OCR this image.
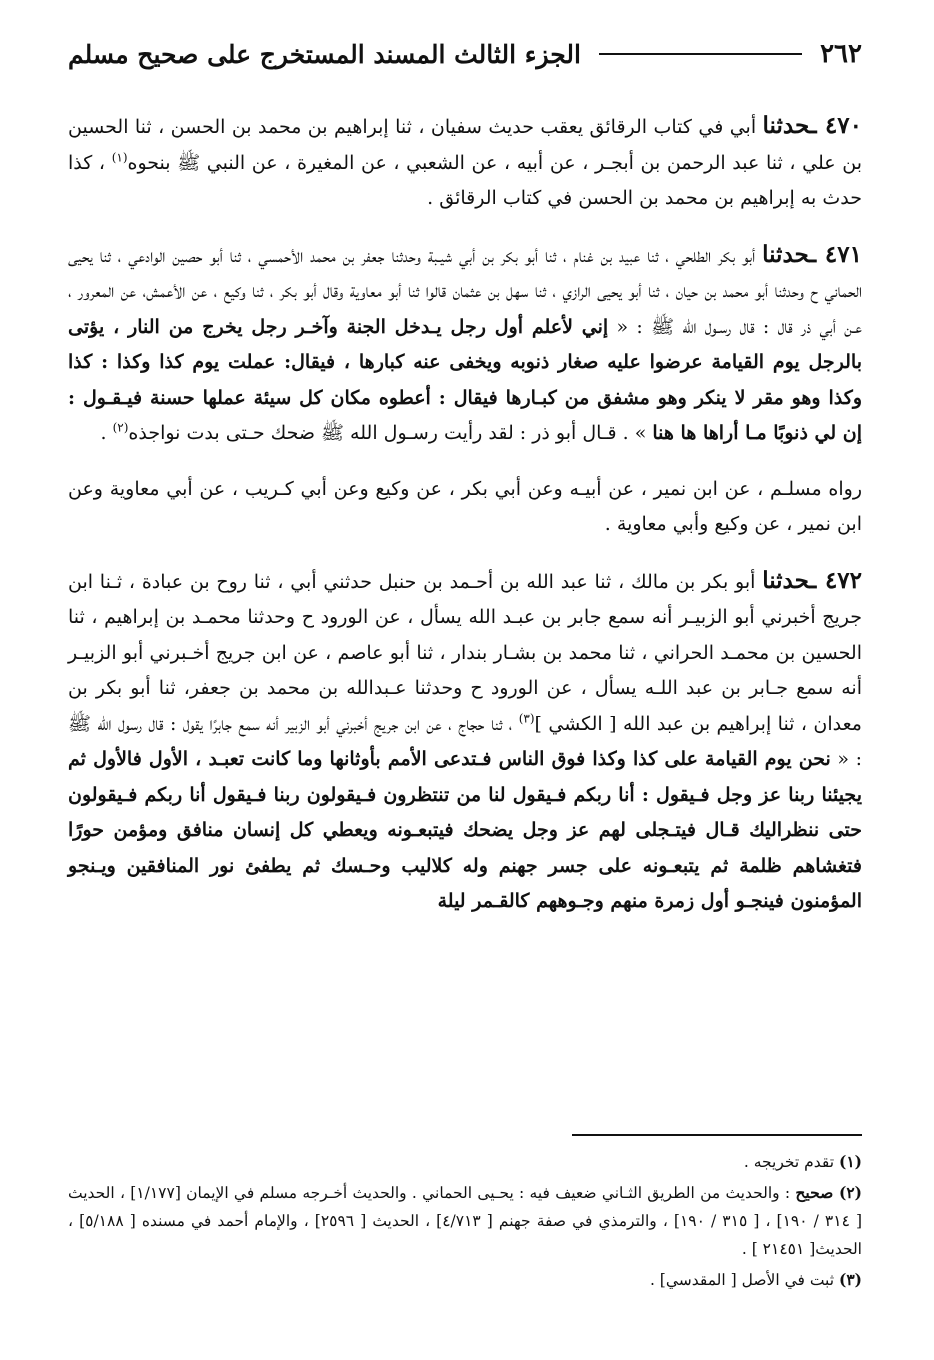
٢٦٢
الجزء الثالث المسند المستخرج على صحيح مسلم

٤٧٠ ـحدثنا أبي في كتاب الرقائق يعقب حديث سفيان ، ثنا إبراهيم بن محمد بن الحسن ، ثنا الحسين بن علي ، ثنا عبد الرحمن بن أبجـر ، عن أبيه ، عن الشعبي ، عن المغيرة ، عن النبي ﷺ بنحوه$^{(١)}$ ، كذا حدث به إبراهيم بن محمد بن الحسن في كتاب الرقائق .

٤٧١ ـحدثنا أبو بكر الطلحي ، ثنا عبيد بن غنام ، ثنا أبو بكر بن أبي شيـبة وحدثنا جعفر بن محمد الأحمسي ، ثنا أبو حصين الوادعي ، ثنا يحيى الحماني ح وحدثنا أبو محمد بن حيان ، ثنا أبو يحيى الرازي ، ثنا سهل بن عثمان قالوا ثنا أبو معاوية وقال أبو بكر ، ثنا وكيع ، عن الأعمش، عن المعرور ، عـن أبي ذر قال : قال رسـول الله ﷺ : « إني لأعلم أول رجل يـدخل الجنة وآخـر رجل يخرج من النار ، يؤتى بالرجل يوم القيامة عرضوا عليه صغار ذنوبه ويخفى عنه كبارها ، فيقال: عملت يوم كذا وكذا : كذا وكذا وهو مقر لا ينكر وهو مشفق من كبـارها فيقال : أعطوه مكان كل سيئة عملها حسنة فيـقـول : إن لي ذنوبًا مـا أراها ها هنا » . قـال أبو ذر : لقد رأيت رسـول الله ﷺ ضحك حـتى بدت نواجذه$^{(٢)}$ .

رواه مسلـم ، عن ابن نمير ، عن أبيـه وعن أبي بكر ، عن وكيع وعن أبي كـريب ، عن أبي معاوية وعن ابن نمير ، عن وكيع وأبي معاوية .

٤٧٢ ـحدثنا أبو بكر بن مالك ، ثنا عبد الله بن أحـمد بن حنبل حدثني أبي ، ثنا روح بن عبادة ، ثـنا ابن جريج أخبرني أبو الزبيـر أنه سمع جابر بن عبـد الله يسأل ، عن الورود ح وحدثنا محمـد بن إبراهيم ، ثنا الحسين بن محمـد الحراني ، ثنا محمد بن بشـار بندار ، ثنا أبو عاصم ، عن ابن جريج أخـبرني أبو الزبيـر أنه سمع جـابر بن عبد اللـه يسأل ، عن الورود ح وحدثنا عـبدالله بن محمد بن جعفر، ثنا أبو بكر بن معدان ، ثنا إبراهيم بن عبد الله [ الكشي ]$^{(٣)}$ ، ثنا حجاج ، عن ابن جريج أخبرني أبو الزبير أنه سمع جابرًا يقول : قال رسول الله ﷺ : « نحن يوم القيامة على كذا وكذا فوق الناس فـتدعى الأمم بأوثانها وما كانت تعبـد ، الأول فالأول ثم يجيئنا ربنا عز وجل فـيقول : أنا ربكم فـيقول لنا من تنتظرون فـيقولون ربنا فـيقول أنا ربكم فـيقولون حتى ننظراليك قـال فيتـجلى لهم عز وجل يضحك فيتبعـونه ويعطي كل إنسان منافق ومؤمن حورًا فتغشاهم ظلمة ثم يتبعـونه على جسر جهنم وله كلاليب وحـسك ثم يطفئ نور المنافقين ويـنجو المؤمنون فينجـو أول زمرة منهم وجـوههم كالقـمر ليلة

(١) تقدم تخريجه .

(٢) صحيح : والحديث من الطريق الثـاني ضعيف فيه : يحـيى الحماني . والحديث أخـرجه مسلم في الإيمان [١/١٧٧] ، الحديث [ ٣١٤ / ١٩٠] ، [ ٣١٥ / ١٩٠] ، والترمذي في صفة جهنم [ ٤/٧١٣] ، الحديث [ ٢٥٩٦] ، والإمام أحمد في مسنده [ ٥/١٨٨] ، الحديث[ ٢١٤٥١ ] .

(٣) ثبت في الأصل [ المقدسي] .
